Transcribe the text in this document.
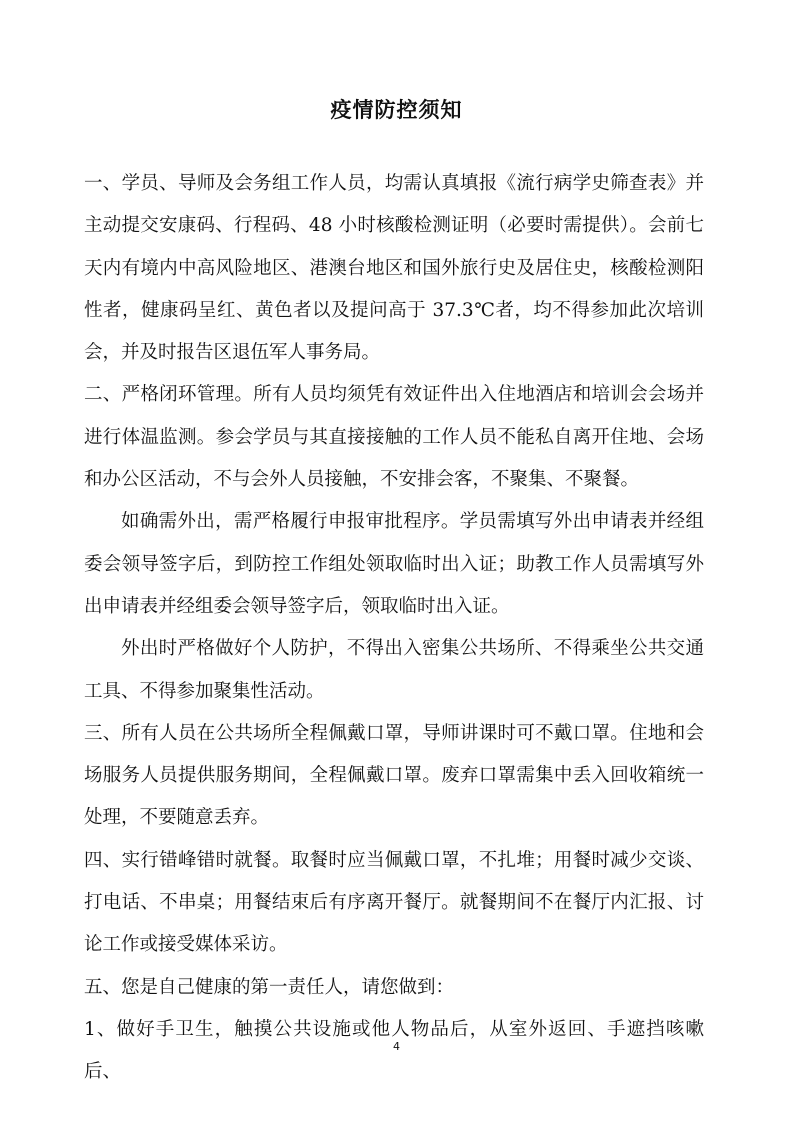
疫情防控须知

一、学员、导师及会务组工作人员，均需认真填报《流行病学史筛查表》并主动提交安康码、行程码、48 小时核酸检测证明（必要时需提供）。会前七天内有境内中高风险地区、港澳台地区和国外旅行史及居住史，核酸检测阳性者，健康码呈红、黄色者以及提问高于 37.3℃者，均不得参加此次培训会，并及时报告区退伍军人事务局。

二、严格闭环管理。所有人员均须凭有效证件出入住地酒店和培训会会场并进行体温监测。参会学员与其直接接触的工作人员不能私自离开住地、会场和办公区活动，不与会外人员接触，不安排会客，不聚集、不聚餐。

如确需外出，需严格履行申报审批程序。学员需填写外出申请表并经组委会领导签字后，到防控工作组处领取临时出入证；助教工作人员需填写外出申请表并经组委会领导签字后，领取临时出入证。

外出时严格做好个人防护，不得出入密集公共场所、不得乘坐公共交通工具、不得参加聚集性活动。

三、所有人员在公共场所全程佩戴口罩，导师讲课时可不戴口罩。住地和会场服务人员提供服务期间，全程佩戴口罩。废弃口罩需集中丢入回收箱统一处理，不要随意丢弃。

四、实行错峰错时就餐。取餐时应当佩戴口罩，不扎堆；用餐时减少交谈、打电话、不串桌；用餐结束后有序离开餐厅。就餐期间不在餐厅内汇报、讨论工作或接受媒体采访。

五、您是自己健康的第一责任人，请您做到：

1、做好手卫生，触摸公共设施或他人物品后，从室外返回、手遮挡咳嗽后、

4
